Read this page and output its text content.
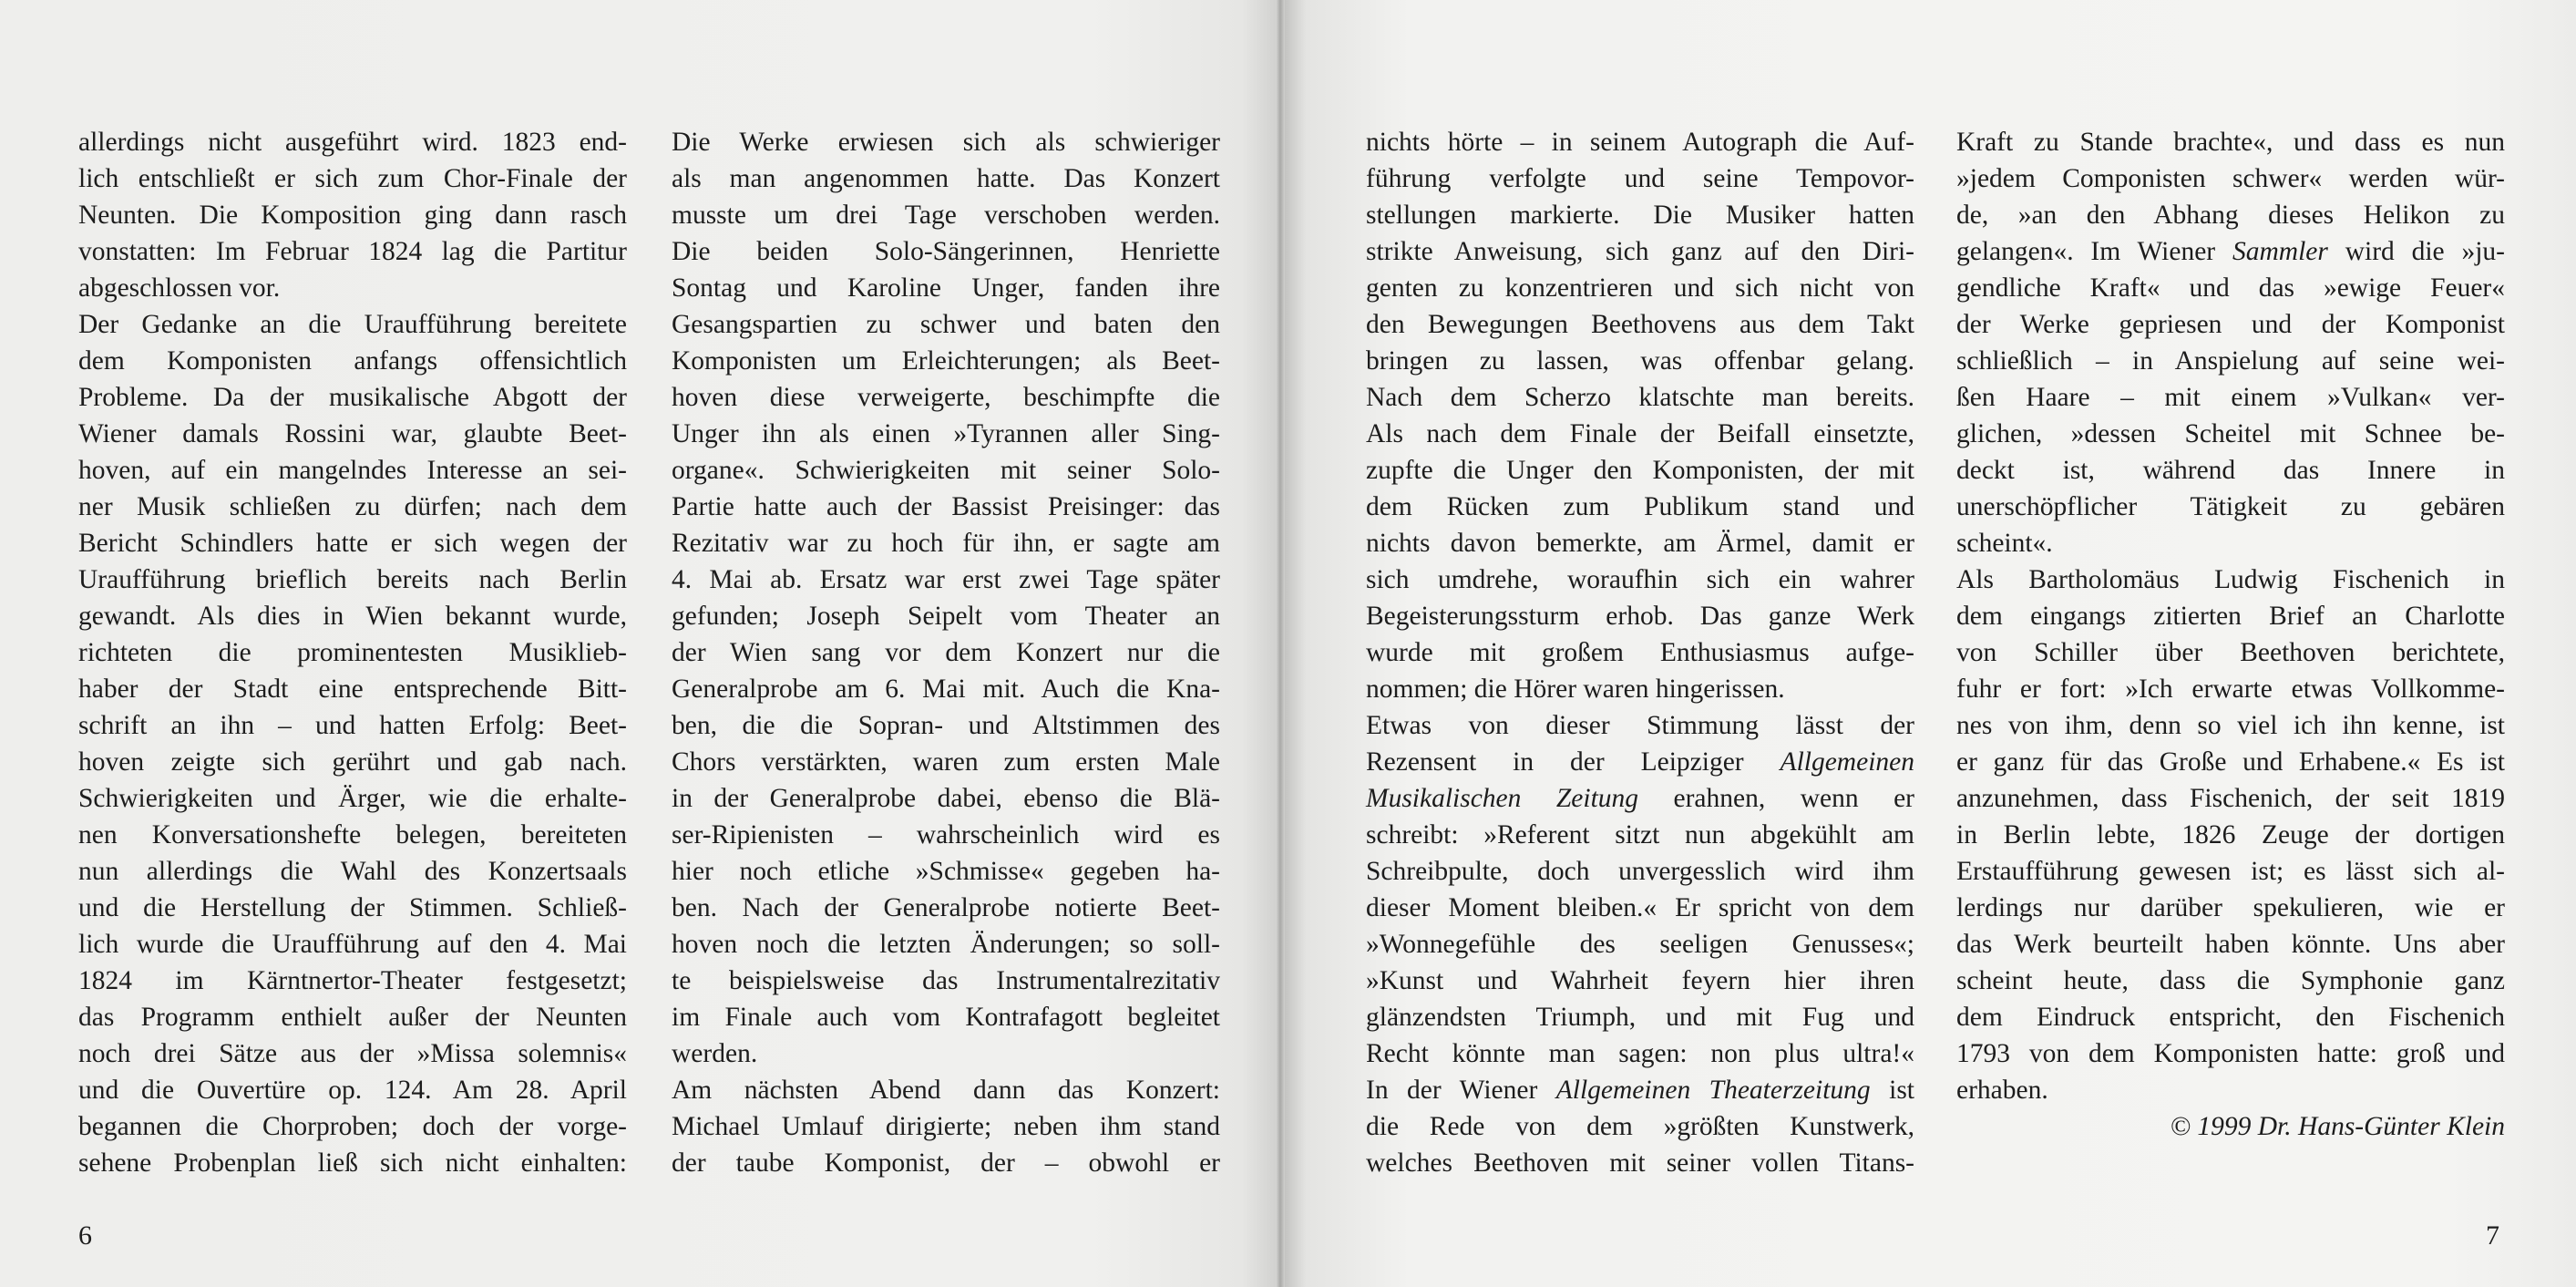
allerdings nicht ausgeführt wird. 1823 end-
lich entschließt er sich zum Chor-Finale der
Neunten. Die Komposition ging dann rasch
vonstatten: Im Februar 1824 lag die Partitur
abgeschlossen vor.
Der Gedanke an die Uraufführung bereitete
dem Komponisten anfangs offensichtlich
Probleme. Da der musikalische Abgott der
Wiener damals Rossini war, glaubte Beet-
hoven, auf ein mangelndes Interesse an sei-
ner Musik schließen zu dürfen; nach dem
Bericht Schindlers hatte er sich wegen der
Uraufführung brieflich bereits nach Berlin
gewandt. Als dies in Wien bekannt wurde,
richteten die prominentesten Musiklieb-
haber der Stadt eine entsprechende Bitt-
schrift an ihn – und hatten Erfolg: Beet-
hoven zeigte sich gerührt und gab nach.
Schwierigkeiten und Ärger, wie die erhalte-
nen Konversationshefte belegen, bereiteten
nun allerdings die Wahl des Konzertsaals
und die Herstellung der Stimmen. Schließ-
lich wurde die Uraufführung auf den 4. Mai
1824 im Kärntnertor-Theater festgesetzt;
das Programm enthielt außer der Neunten
noch drei Sätze aus der »Missa solemnis«
und die Ouvertüre op. 124. Am 28. April
begannen die Chorproben; doch der vorge-
sehene Probenplan ließ sich nicht einhalten:
Die Werke erwiesen sich als schwieriger
als man angenommen hatte. Das Konzert
musste um drei Tage verschoben werden.
Die beiden Solo-Sängerinnen, Henriette
Sontag und Karoline Unger, fanden ihre
Gesangspartien zu schwer und baten den
Komponisten um Erleichterungen; als Beet-
hoven diese verweigerte, beschimpfte die
Unger ihn als einen »Tyrannen aller Sing-
organe«. Schwierigkeiten mit seiner Solo-
Partie hatte auch der Bassist Preisinger: das
Rezitativ war zu hoch für ihn, er sagte am
4. Mai ab. Ersatz war erst zwei Tage später
gefunden; Joseph Seipelt vom Theater an
der Wien sang vor dem Konzert nur die
Generalprobe am 6. Mai mit. Auch die Kna-
ben, die die Sopran- und Altstimmen des
Chors verstärkten, waren zum ersten Male
in der Generalprobe dabei, ebenso die Blä-
ser-Ripienisten – wahrscheinlich wird es
hier noch etliche »Schmisse« gegeben ha-
ben. Nach der Generalprobe notierte Beet-
hoven noch die letzten Änderungen; so soll-
te beispielsweise das Instrumentalrezitativ
im Finale auch vom Kontrafagott begleitet
werden.
Am nächsten Abend dann das Konzert:
Michael Umlauf dirigierte; neben ihm stand
der taube Komponist, der – obwohl er
nichts hörte – in seinem Autograph die Auf-
führung verfolgte und seine Tempovor-
stellungen markierte. Die Musiker hatten
strikte Anweisung, sich ganz auf den Diri-
genten zu konzentrieren und sich nicht von
den Bewegungen Beethovens aus dem Takt
bringen zu lassen, was offenbar gelang.
Nach dem Scherzo klatschte man bereits.
Als nach dem Finale der Beifall einsetzte,
zupfte die Unger den Komponisten, der mit
dem Rücken zum Publikum stand und
nichts davon bemerkte, am Ärmel, damit er
sich umdrehe, woraufhin sich ein wahrer
Begeisterungssturm erhob. Das ganze Werk
wurde mit großem Enthusiasmus aufge-
nommen; die Hörer waren hingerissen.
Etwas von dieser Stimmung lässt der
Rezensent in der Leipziger Allgemeinen
Musikalischen Zeitung erahnen, wenn er
schreibt: »Referent sitzt nun abgekühlt am
Schreibpulte, doch unvergesslich wird ihm
dieser Moment bleiben.« Er spricht von dem
»Wonnegefühle des seeligen Genusses«;
»Kunst und Wahrheit feyern hier ihren
glänzendsten Triumph, und mit Fug und
Recht könnte man sagen: non plus ultra!«
In der Wiener Allgemeinen Theaterzeitung ist
die Rede von dem »größten Kunstwerk,
welches Beethoven mit seiner vollen Titans-
Kraft zu Stande brachte«, und dass es nun
»jedem Componisten schwer« werden wür-
de, »an den Abhang dieses Helikon zu
gelangen«. Im Wiener Sammler wird die »ju-
gendliche Kraft« und das »ewige Feuer«
der Werke gepriesen und der Komponist
schließlich – in Anspielung auf seine wei-
ßen Haare – mit einem »Vulkan« ver-
glichen, »dessen Scheitel mit Schnee be-
deckt ist, während das Innere in
unerschöpflicher Tätigkeit zu gebären
scheint«.
Als Bartholomäus Ludwig Fischenich in
dem eingangs zitierten Brief an Charlotte
von Schiller über Beethoven berichtete,
fuhr er fort: »Ich erwarte etwas Vollkomme-
nes von ihm, denn so viel ich ihn kenne, ist
er ganz für das Große und Erhabene.« Es ist
anzunehmen, dass Fischenich, der seit 1819
in Berlin lebte, 1826 Zeuge der dortigen
Erstaufführung gewesen ist; es lässt sich al-
lerdings nur darüber spekulieren, wie er
das Werk beurteilt haben könnte. Uns aber
scheint heute, dass die Symphonie ganz
dem Eindruck entspricht, den Fischenich
1793 von dem Komponisten hatte: groß und
erhaben.
© 1999 Dr. Hans-Günter Klein
6	7
